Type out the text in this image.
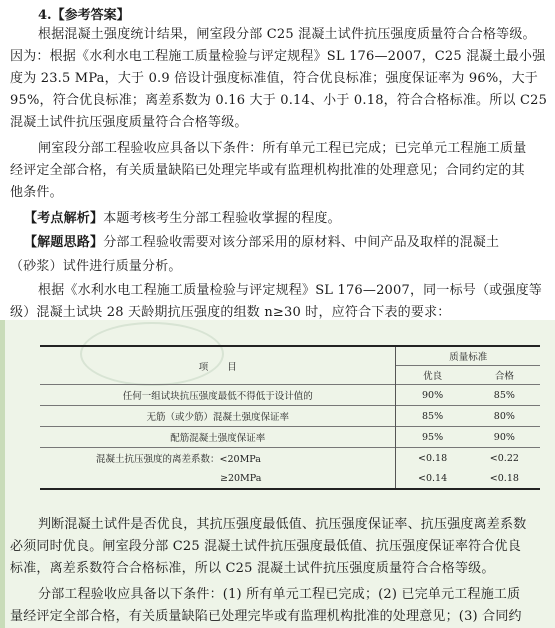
4.【参考答案】
根据混凝土强度统计结果，闸室段分部 C25 混凝土试件抗压强度质量符合合格等级。
因为：根据《水利水电工程施工质量检验与评定规程》SL 176—2007，C25 混凝土最小强
度为 23.5 MPa，大于 0.9 倍设计强度标准值，符合优良标准；强度保证率为 96%，大于
95%，符合优良标准；离差系数为 0.16 大于 0.14、小于 0.18，符合合格标准。所以 C25
混凝土试件抗压强度质量符合合格等级。
闸室段分部工程验收应具备以下条件：所有单元工程已完成；已完单元工程施工质量
经评定全部合格，有关质量缺陷已处理完毕或有监理机构批准的处理意见；合同约定的其
他条件。
【考点解析】本题考核考生分部工程验收掌握的程度。
【解题思路】分部工程验收需要对该分部采用的原材料、中间产品及取样的混凝土
（砂浆）试件进行质量分析。
根据《水利水电工程施工质量检验与评定规程》SL 176—2007，同一标号（或强度等
级）混凝土试块 28 天龄期抗压强度的组数 n≥30 时，应符合下表的要求：
项　　目	质量标准	
	优良	合格
任何一组试块抗压强度最低不得低于设计值的	90%	85%
无筋（或少筋）混凝土强度保证率	85%	80%
配筋混凝土强度保证率	95%	90%
混凝土抗压强度的离差系数：<20MPa	<0.18	<0.22
≥20MPa	<0.14	<0.18
判断混凝土试件是否优良，其抗压强度最低值、抗压强度保证率、抗压强度离差系数
必须同时优良。闸室段分部 C25 混凝土试件抗压强度最低值、抗压强度保证率符合优良
标准，离差系数符合合格标准，所以 C25 混凝土试件抗压强度质量符合合格等级。
分部工程验收应具备以下条件：(1) 所有单元工程已完成；(2) 已完单元工程施工质
量经评定全部合格，有关质量缺陷已处理完毕或有监理机构批准的处理意见；(3) 合同约
